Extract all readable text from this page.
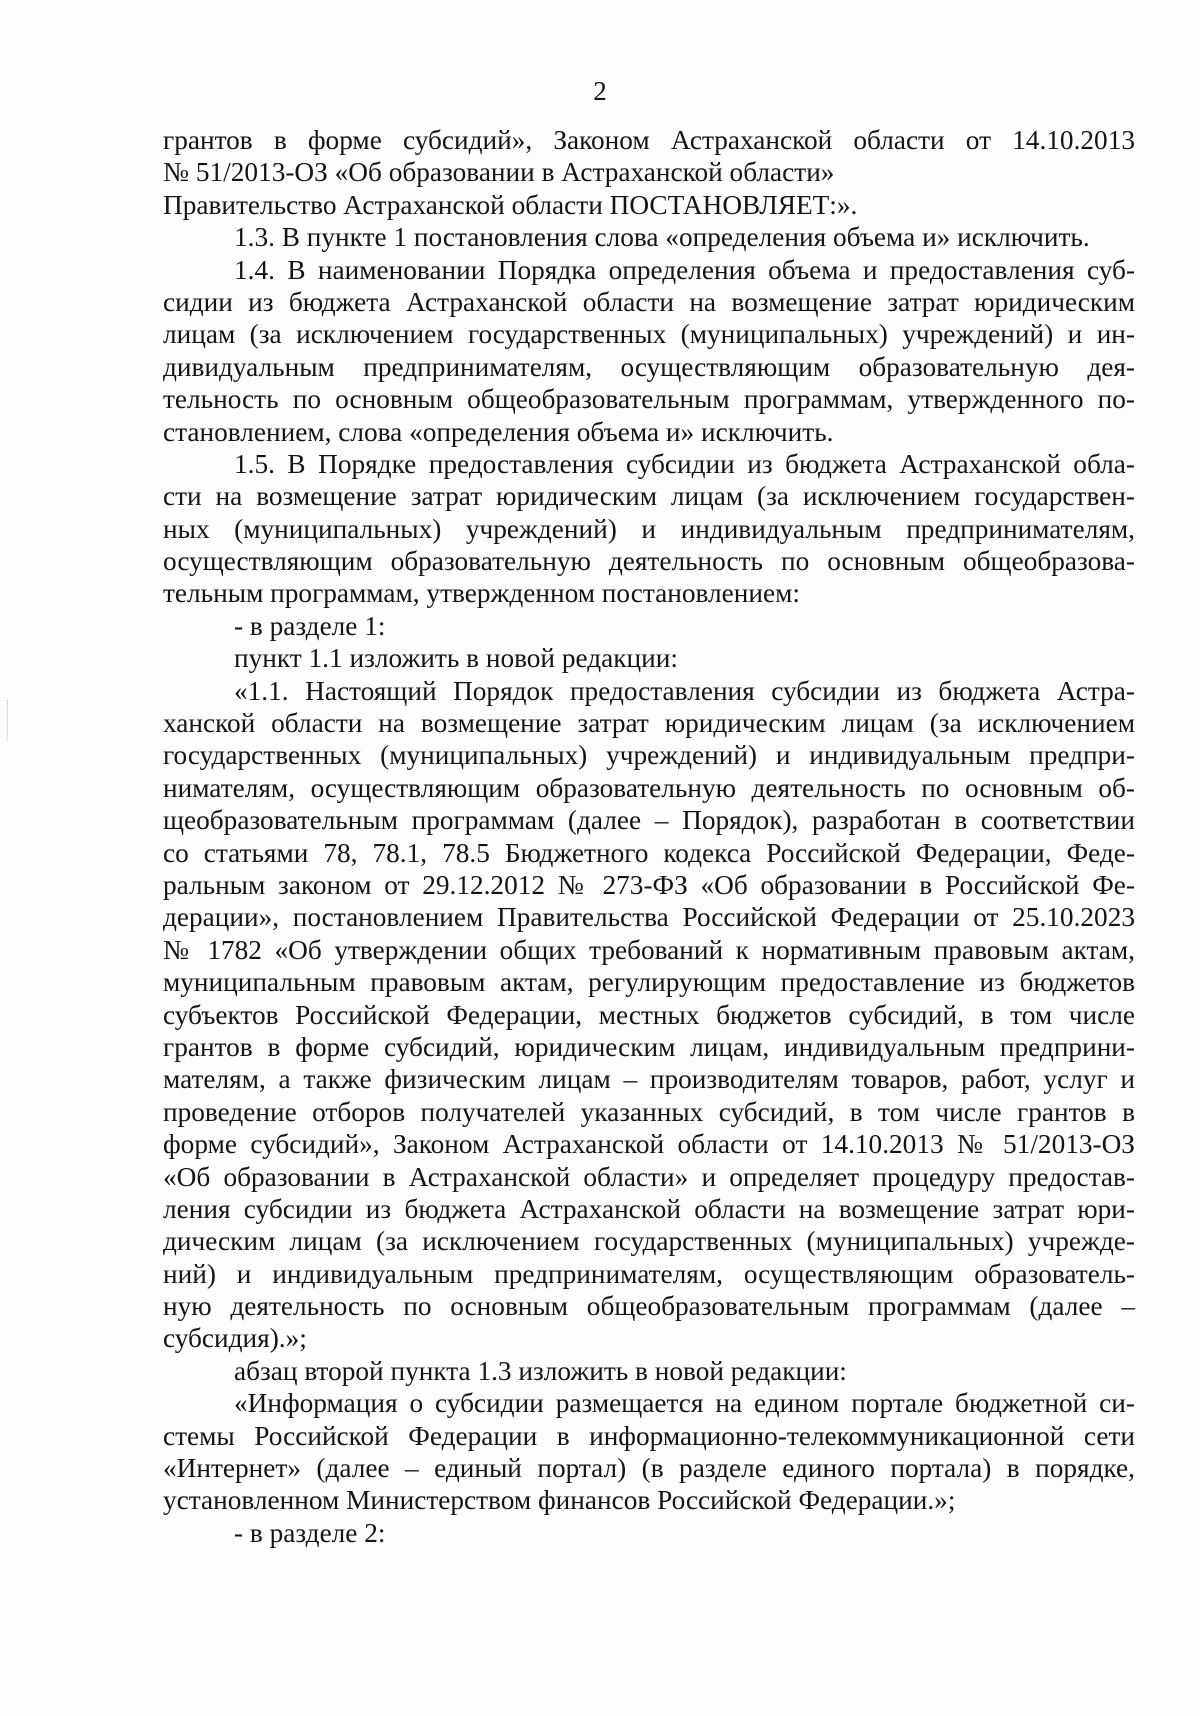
2
грантов в форме субсидий», Законом Астраханской области от 14.10.2013
№ 51/2013-ОЗ «Об образовании в Астраханской области»
Правительство Астраханской области ПОСТАНОВЛЯЕТ:».
1.3. В пункте 1 постановления слова «определения объема и» исключить.
1.4. В наименовании Порядка определения объема и предоставления суб-
сидии из бюджета Астраханской области на возмещение затрат юридическим
лицам (за исключением государственных (муниципальных) учреждений) и ин-
дивидуальным предпринимателям, осуществляющим образовательную дея-
тельность по основным общеобразовательным программам, утвержденного по-
становлением, слова «определения объема и» исключить.
1.5. В Порядке предоставления субсидии из бюджета Астраханской обла-
сти на возмещение затрат юридическим лицам (за исключением государствен-
ных (муниципальных) учреждений) и индивидуальным предпринимателям,
осуществляющим образовательную деятельность по основным общеобразова-
тельным программам, утвержденном постановлением:
- в разделе 1:
пункт 1.1 изложить в новой редакции:
«1.1. Настоящий Порядок предоставления субсидии из бюджета Астра-
ханской области на возмещение затрат юридическим лицам (за исключением
государственных (муниципальных) учреждений) и индивидуальным предпри-
нимателям, осуществляющим образовательную деятельность по основным об-
щеобразовательным программам (далее – Порядок), разработан в соответствии
со статьями 78, 78.1, 78.5 Бюджетного кодекса Российской Федерации, Феде-
ральным законом от 29.12.2012 № 273-ФЗ «Об образовании в Российской Фе-
дерации», постановлением Правительства Российской Федерации от 25.10.2023
№ 1782 «Об утверждении общих требований к нормативным правовым актам,
муниципальным правовым актам, регулирующим предоставление из бюджетов
субъектов Российской Федерации, местных бюджетов субсидий, в том числе
грантов в форме субсидий, юридическим лицам, индивидуальным предприни-
мателям, а также физическим лицам – производителям товаров, работ, услуг и
проведение отборов получателей указанных субсидий, в том числе грантов в
форме субсидий», Законом Астраханской области от 14.10.2013 № 51/2013-ОЗ
«Об образовании в Астраханской области» и определяет процедуру предостав-
ления субсидии из бюджета Астраханской области на возмещение затрат юри-
дическим лицам (за исключением государственных (муниципальных) учрежде-
ний) и индивидуальным предпринимателям, осуществляющим образователь-
ную деятельность по основным общеобразовательным программам (далее –
субсидия).»;
абзац второй пункта 1.3 изложить в новой редакции:
«Информация о субсидии размещается на едином портале бюджетной си-
стемы Российской Федерации в информационно-телекоммуникационной сети
«Интернет» (далее – единый портал) (в разделе единого портала) в порядке,
установленном Министерством финансов Российской Федерации.»;
- в разделе 2:
